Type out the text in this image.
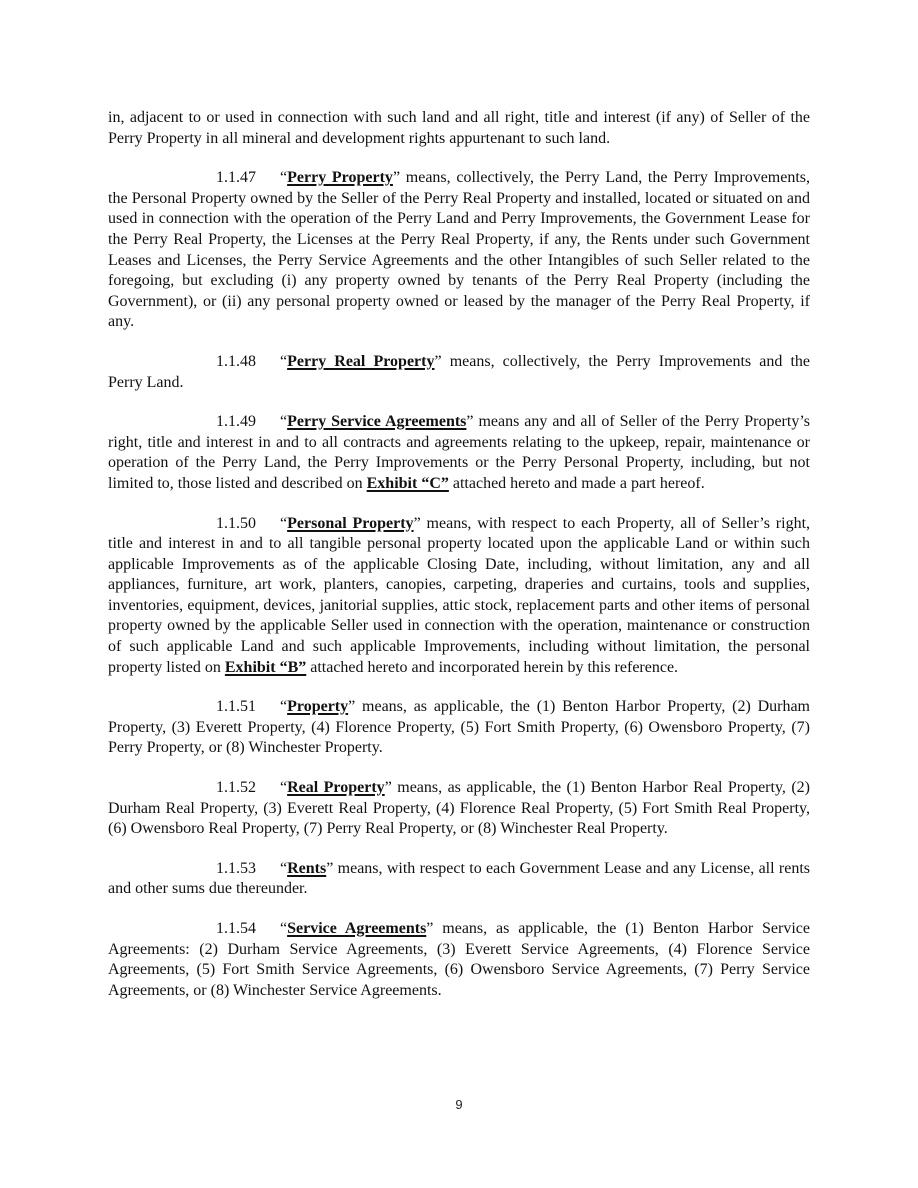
in, adjacent to or used in connection with such land and all right, title and interest (if any) of Seller of the Perry Property in all mineral and development rights appurtenant to such land.

1.1.47 “Perry Property” means, collectively, the Perry Land, the Perry Improvements, the Personal Property owned by the Seller of the Perry Real Property and installed, located or situated on and used in connection with the operation of the Perry Land and Perry Improvements, the Government Lease for the Perry Real Property, the Licenses at the Perry Real Property, if any, the Rents under such Government Leases and Licenses, the Perry Service Agreements and the other Intangibles of such Seller related to the foregoing, but excluding (i) any property owned by tenants of the Perry Real Property (including the Government), or (ii) any personal property owned or leased by the manager of the Perry Real Property, if any.

1.1.48 “Perry Real Property” means, collectively, the Perry Improvements and the Perry Land.

1.1.49 “Perry Service Agreements” means any and all of Seller of the Perry Property’s right, title and interest in and to all contracts and agreements relating to the upkeep, repair, maintenance or operation of the Perry Land, the Perry Improvements or the Perry Personal Property, including, but not limited to, those listed and described on Exhibit “C” attached hereto and made a part hereof.

1.1.50 “Personal Property” means, with respect to each Property, all of Seller’s right, title and interest in and to all tangible personal property located upon the applicable Land or within such applicable Improvements as of the applicable Closing Date, including, without limitation, any and all appliances, furniture, art work, planters, canopies, carpeting, draperies and curtains, tools and supplies, inventories, equipment, devices, janitorial supplies, attic stock, replacement parts and other items of personal property owned by the applicable Seller used in connection with the operation, maintenance or construction of such applicable Land and such applicable Improvements, including without limitation, the personal property listed on Exhibit “B” attached hereto and incorporated herein by this reference.

1.1.51 “Property” means, as applicable, the (1) Benton Harbor Property, (2) Durham Property, (3) Everett Property, (4) Florence Property, (5) Fort Smith Property, (6) Owensboro Property, (7) Perry Property, or (8) Winchester Property.

1.1.52 “Real Property” means, as applicable, the (1) Benton Harbor Real Property, (2) Durham Real Property, (3) Everett Real Property, (4) Florence Real Property, (5) Fort Smith Real Property, (6) Owensboro Real Property, (7) Perry Real Property, or (8) Winchester Real Property.

1.1.53 “Rents” means, with respect to each Government Lease and any License, all rents and other sums due thereunder.

1.1.54 “Service Agreements” means, as applicable, the (1) Benton Harbor Service Agreements: (2) Durham Service Agreements, (3) Everett Service Agreements, (4) Florence Service Agreements, (5) Fort Smith Service Agreements, (6) Owensboro Service Agreements, (7) Perry Service Agreements, or (8) Winchester Service Agreements.

9
